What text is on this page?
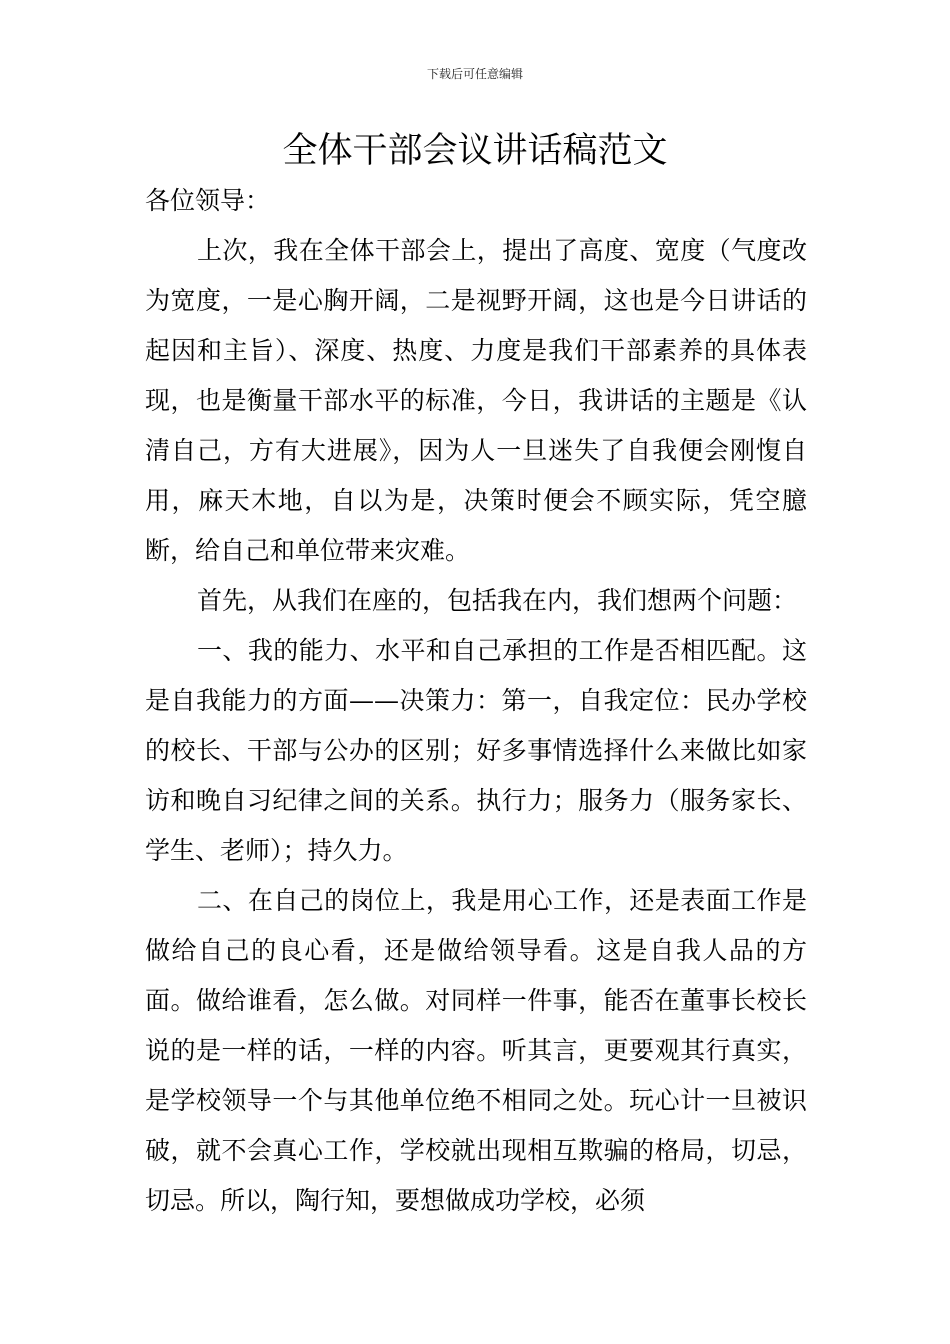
下载后可任意编辑
全体干部会议讲话稿范文

各位领导：

上次，我在全体干部会上，提出了高度、宽度（气度改为宽度，一是心胸开阔，二是视野开阔，这也是今日讲话的起因和主旨）、深度、热度、力度是我们干部素养的具体表现，也是衡量干部水平的标准，今日，我讲话的主题是《认清自己，方有大进展》，因为人一旦迷失了自我便会刚愎自用，麻天木地，自以为是，决策时便会不顾实际，凭空臆断，给自己和单位带来灾难。

首先，从我们在座的，包括我在内，我们想两个问题：

一、我的能力、水平和自己承担的工作是否相匹配。这是自我能力的方面——决策力：第一，自我定位：民办学校的校长、干部与公办的区别；好多事情选择什么来做比如家访和晚自习纪律之间的关系。执行力；服务力（服务家长、学生、老师）；持久力。

二、在自己的岗位上，我是用心工作，还是表面工作是做给自己的良心看，还是做给领导看。这是自我人品的方面。做给谁看，怎么做。对同样一件事，能否在董事长校长说的是一样的话，一样的内容。听其言，更要观其行真实，是学校领导一个与其他单位绝不相同之处。玩心计一旦被识破，就不会真心工作，学校就出现相互欺骗的格局，切忌，切忌。所以，陶行知，要想做成功学校，必须
